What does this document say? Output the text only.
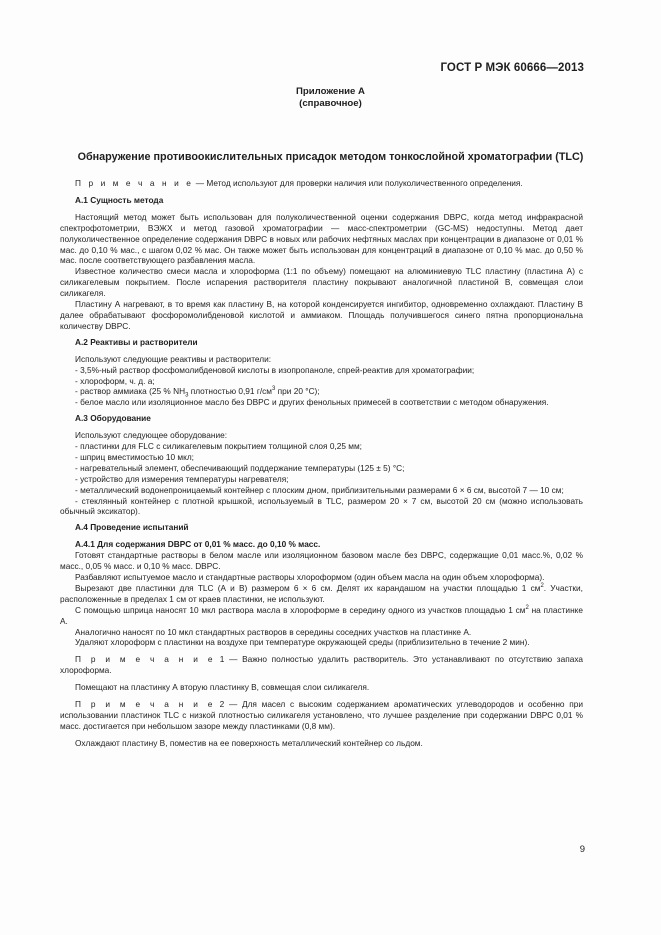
ГОСТ Р МЭК 60666—2013
Приложение А
(справочное)
Обнаружение противоокислительных присадок методом тонкослойной хроматографии (TLC)

П р и м е ч а н и е — Метод используют для проверки наличия или полуколичественного определения.

А.1 Сущность метода

Настоящий метод может быть использован для полуколичественной оценки содержания DBPC, когда метод инфракрасной спектрофотометрии, ВЭЖХ и метод газовой хроматографии — масс-спектрометрии (GC-MS) недоступны. Метод дает полуколичественное определение содержания DBPC в новых или рабочих нефтяных маслах при концентрации в диапазоне от 0,01 % мас. до 0,10 % мас., с шагом 0,02 % мас. Он также может быть использован для концентраций в диапазоне от 0,10 % мас. до 0,50 % мас. после соответствующего разбавления масла.

Известное количество смеси масла и хлороформа (1:1 по объему) помещают на алюминиевую TLC пластину (пластина А) с силикагелевым покрытием. После испарения растворителя пластину покрывают аналогичной пластиной В, совмещая слои силикагеля.

Пластину А нагревают, в то время как пластину В, на которой конденсируется ингибитор, одновременно охлаждают. Пластину В далее обрабатывают фосфоромолибденовой кислотой и аммиаком. Площадь получившегося синего пятна пропорциональна количеству DBPC.

А.2 Реактивы и растворители

Используют следующие реактивы и растворители:

- 3,5%-ный раствор фосфомолибденовой кислоты в изопропаноле, спрей-реактив для хроматографии;

- хлороформ, ч. д. а;

- раствор аммиака (25 % $NH_3$ плотностью 0,91 $г/см^3$ при 20 °С);

- белое масло или изоляционное масло без DBPC и других фенольных примесей в соответствии с методом обнаружения.

А.3 Оборудование

Используют следующее оборудование:

- пластинки для FLC с силикагелевым покрытием толщиной слоя 0,25 мм;

- шприц вместимостью 10 мкл;

- нагревательный элемент, обеспечивающий поддержание температуры (125 ± 5) °С;

- устройство для измерения температуры нагревателя;

- металлический водонепроницаемый контейнер с плоским дном, приблизительными размерами 6 × 6 см, высотой 7 — 10 см;

- стеклянный контейнер с плотной крышкой, используемый в TLC, размером 20 × 7 см, высотой 20 см (можно использовать обычный эксикатор).

А.4 Проведение испытаний

А.4.1 Для содержания DBPC от 0,01 % масс. до 0,10 % масс.

Готовят стандартные растворы в белом масле или изоляционном базовом масле без DBPC, содержащие 0,01 масс.%, 0,02 % масс., 0,05 % масс. и 0,10 % масс. DBPC.

Разбавляют испытуемое масло и стандартные растворы хлороформом (один объем масла на один объем хлороформа).

Вырезают две пластинки для TLC (А и В) размером 6 × 6 см. Делят их карандашом на участки площадью 1 $см^2$. Участки, расположенные в пределах 1 см от краев пластинки, не используют.

С помощью шприца наносят 10 мкл раствора масла в хлороформе в середину одного из участков площадью 1 $см^2$ на пластинке А.

Аналогично наносят по 10 мкл стандартных растворов в середины соседних участков на пластинке А.

Удаляют хлороформ с пластинки на воздухе при температуре окружающей среды (приблизительно в течение 2 мин).

П р и м е ч а н и е 1 — Важно полностью удалить растворитель. Это устанавливают по отсутствию запаха хлороформа.

Помещают на пластинку А вторую пластинку В, совмещая слои силикагеля.

П р и м е ч а н и е 2 — Для масел с высоким содержанием ароматических углеводородов и особенно при использовании пластинок TLC с низкой плотностью силикагеля установлено, что лучшее разделение при содержании DBPC 0,01 % масс. достигается при небольшом зазоре между пластинками (0,8 мм).

Охлаждают пластину В, поместив на ее поверхность металлический контейнер со льдом.

9
